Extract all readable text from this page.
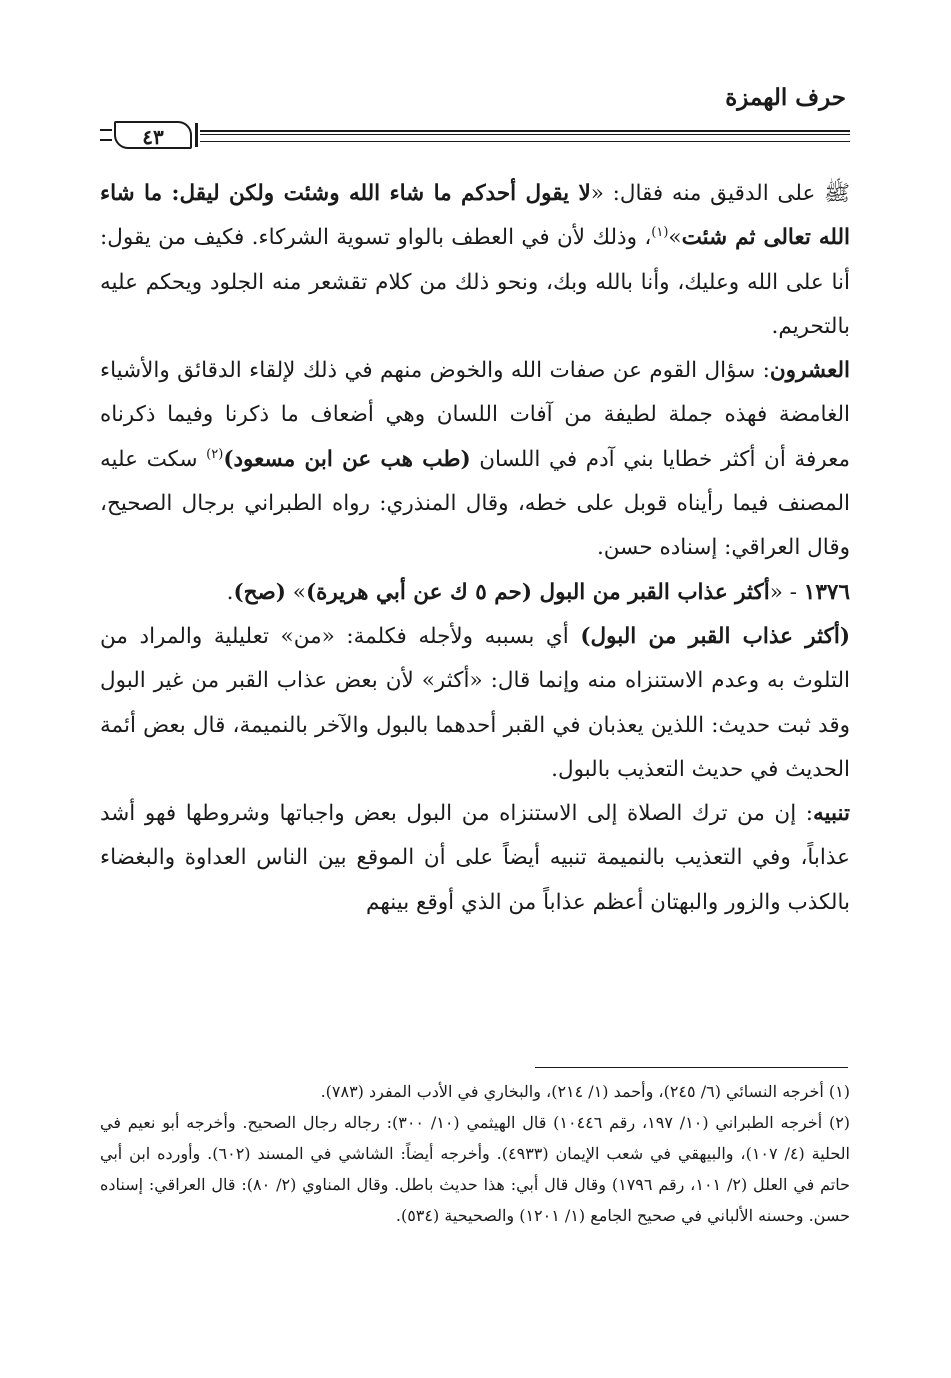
حرف الهمزة
٤٣

ﷺ على الدقيق منه فقال: «لا يقول أحدكم ما شاء الله وشئت ولكن ليقل: ما شاء الله تعالى ثم شئت»$^{(١)}$، وذلك لأن في العطف بالواو تسوية الشركاء. فكيف من يقول: أنا على الله وعليك، وأنا بالله وبك، ونحو ذلك من كلام تقشعر منه الجلود ويحكم عليه بالتحريم.

العشرون: سؤال القوم عن صفات الله والخوض منهم في ذلك لإلقاء الدقائق والأشياء الغامضة فهذه جملة لطيفة من آفات اللسان وهي أضعاف ما ذكرنا وفيما ذكرناه معرفة أن أكثر خطايا بني آدم في اللسان (طب هب عن ابن مسعود)$^{(٢)}$ سكت عليه المصنف فيما رأيناه قوبل على خطه، وقال المنذري: رواه الطبراني برجال الصحيح، وقال العراقي: إسناده حسن.

١٣٧٦ - «أكثر عذاب القبر من البول (حم ٥ ك عن أبي هريرة)» (صح).

(أكثر عذاب القبر من البول) أي بسببه ولأجله فكلمة: «من» تعليلية والمراد من التلوث به وعدم الاستنزاه منه وإنما قال: «أكثر» لأن بعض عذاب القبر من غير البول وقد ثبت حديث: اللذين يعذبان في القبر أحدهما بالبول والآخر بالنميمة، قال بعض أئمة الحديث في حديث التعذيب بالبول.

تنبيه: إن من ترك الصلاة إلى الاستنزاه من البول بعض واجباتها وشروطها فهو أشد عذاباً، وفي التعذيب بالنميمة تنبيه أيضاً على أن الموقع بين الناس العداوة والبغضاء بالكذب والزور والبهتان أعظم عذاباً من الذي أوقع بينهم

(١) أخرجه النسائي (٦/ ٢٤٥)، وأحمد (١/ ٢١٤)، والبخاري في الأدب المفرد (٧٨٣).

(٢) أخرجه الطبراني (١٠/ ١٩٧، رقم ١٠٤٤٦) قال الهيثمي (١٠/ ٣٠٠): رجاله رجال الصحيح. وأخرجه أبو نعيم في الحلية (٤/ ١٠٧)، والبيهقي في شعب الإيمان (٤٩٣٣). وأخرجه أيضاً: الشاشي في المسند (٦٠٢). وأورده ابن أبي حاتم في العلل (٢/ ١٠١، رقم ١٧٩٦) وقال قال أبي: هذا حديث باطل. وقال المناوي (٢/ ٨٠): قال العراقي: إسناده حسن. وحسنه الألباني في صحيح الجامع (١/ ١٢٠١) والصحيحية (٥٣٤).
